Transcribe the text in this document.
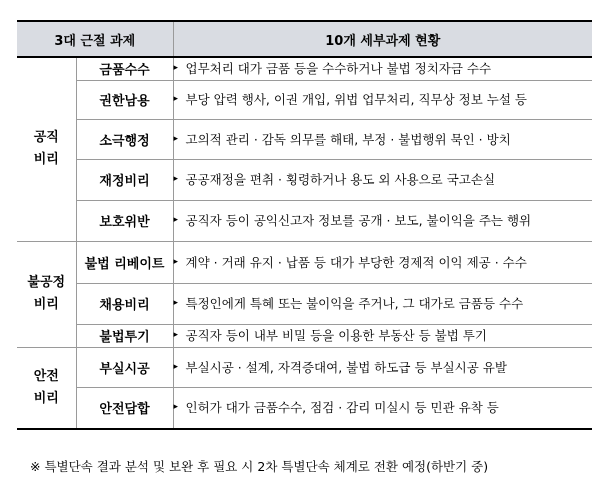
3대 근절 과제		10개 세부과제 현황

공직
비리	금품수수	▸ 업무처리 대가 금품 등을 수수하거나 불법 정치자금 수수

	권한남용	▸ 부당 압력 행사, 이권 개입, 위법 업무처리, 직무상 정보 누설 등

	소극행정	▸ 고의적 관리 · 감독 의무를 해태, 부정 · 불법행위 묵인 · 방치

	재정비리	▸ 공공재정을 편취 · 횡령하거나 용도 외 사용으로 국고손실

	보호위반	▸ 공직자 등이 공익신고자 정보를 공개 · 보도, 불이익을 주는 행위

불공정
비리	불법 리베이트	▸ 계약 · 거래 유지 · 납품 등 대가 부당한 경제적 이익 제공 · 수수

	채용비리	▸ 특정인에게 특혜 또는 불이익을 주거나, 그 대가로 금품등 수수

	불법투기	▸ 공직자 등이 내부 비밀 등을 이용한 부동산 등 불법 투기

안전
비리	부실시공	▸ 부실시공 · 설계, 자격증대여, 불법 하도급 등 부실시공 유발

	안전담합	▸ 인허가 대가 금품수수, 점검 · 감리 미실시 등 민관 유착 등
※ 특별단속 결과 분석 및 보완 후 필요 시 2차 특별단속 체계로 전환 예정(하반기 중)
